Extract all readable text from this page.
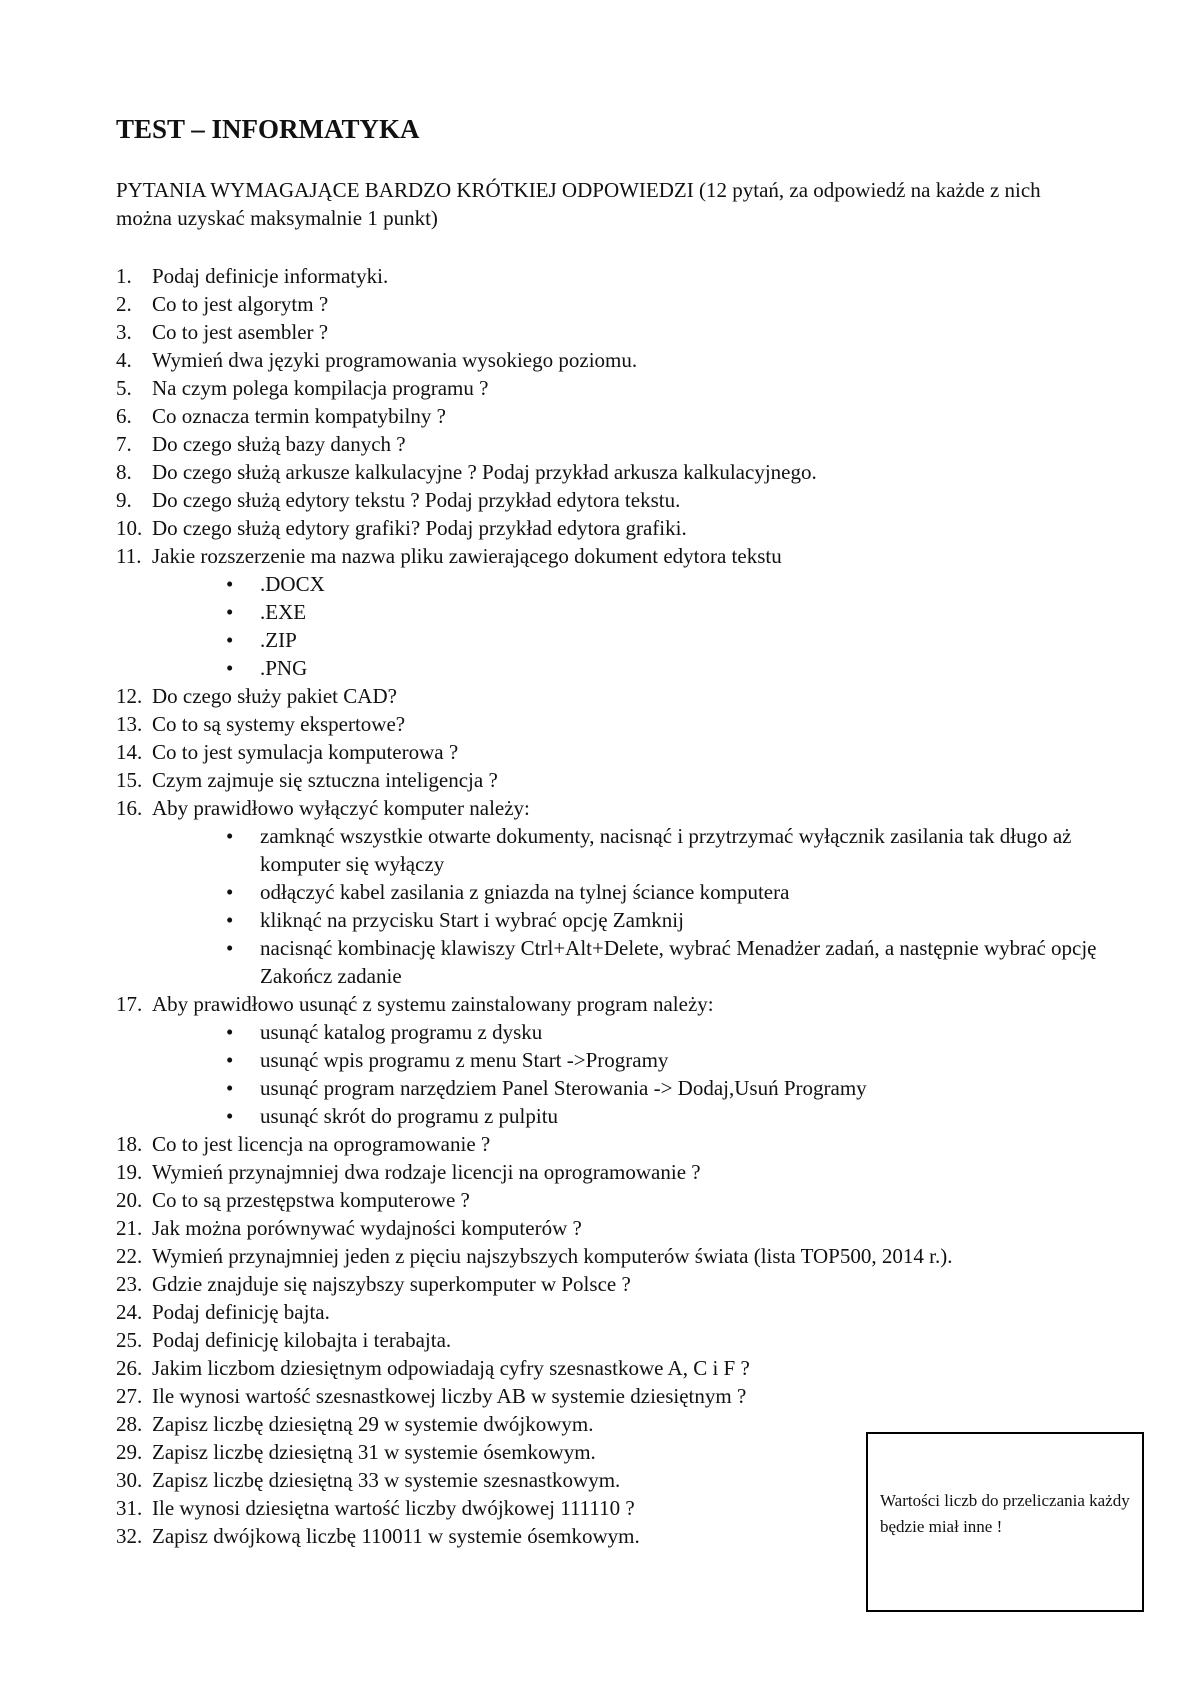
TEST – INFORMATYKA

PYTANIA WYMAGAJĄCE BARDZO KRÓTKIEJ ODPOWIEDZI (12 pytań, za odpowiedź na każde z nich można uzyskać maksymalnie 1 punkt)

1. Podaj definicje informatyki.
2. Co to jest algorytm ?
3. Co to jest asembler ?
4. Wymień dwa języki programowania wysokiego poziomu.
5. Na czym polega kompilacja programu ?
6. Co oznacza termin kompatybilny ?
7. Do czego służą bazy danych ?
8. Do czego służą arkusze kalkulacyjne ? Podaj przykład arkusza kalkulacyjnego.
9. Do czego służą edytory tekstu ? Podaj przykład edytora tekstu.
10. Do czego służą edytory grafiki? Podaj przykład edytora grafiki.
11. Jakie rozszerzenie ma nazwa pliku zawierającego dokument edytora tekstu
• .DOCX
• .EXE
• .ZIP
• .PNG
12. Do czego służy pakiet CAD?
13. Co to są systemy ekspertowe?
14. Co to jest symulacja komputerowa ?
15. Czym zajmuje się sztuczna inteligencja ?
16. Aby prawidłowo wyłączyć komputer należy:
• zamknąć wszystkie otwarte dokumenty, nacisnąć i przytrzymać wyłącznik zasilania tak długo aż komputer się wyłączy
• odłączyć kabel zasilania z gniazda na tylnej ściance komputera
• kliknąć na przycisku Start i wybrać opcję Zamknij
• nacisnąć kombinację klawiszy Ctrl+Alt+Delete, wybrać Menadżer zadań, a następnie wybrać opcję Zakończ zadanie
17. Aby prawidłowo usunąć z systemu zainstalowany program należy:
• usunąć katalog programu z dysku
• usunąć wpis programu z menu Start ->Programy
• usunąć program narzędziem Panel Sterowania -> Dodaj,Usuń Programy
• usunąć skrót do programu z pulpitu
18. Co to jest licencja na oprogramowanie ?
19. Wymień przynajmniej dwa rodzaje licencji na oprogramowanie ?
20. Co to są przestępstwa komputerowe ?
21. Jak można porównywać wydajności komputerów ?
22. Wymień przynajmniej jeden z pięciu najszybszych komputerów świata (lista TOP500, 2014 r.).
23. Gdzie znajduje się najszybszy superkomputer w Polsce ?
24. Podaj definicję bajta.
25. Podaj definicję kilobajta i terabajta.
26. Jakim liczbom dziesiętnym odpowiadają cyfry szesnastkowe A, C i F ?
27. Ile wynosi wartość szesnastkowej liczby AB w systemie dziesiętnym ?
28. Zapisz liczbę dziesiętną 29 w systemie dwójkowym.
29. Zapisz liczbę dziesiętną 31 w systemie ósemkowym.
30. Zapisz liczbę dziesiętną 33 w systemie szesnastkowym.
31. Ile wynosi dziesiętna wartość liczby dwójkowej 111110 ?
32. Zapisz dwójkową liczbę 110011 w systemie ósemkowym.

Wartości liczb do przeliczania każdy będzie miał inne !
